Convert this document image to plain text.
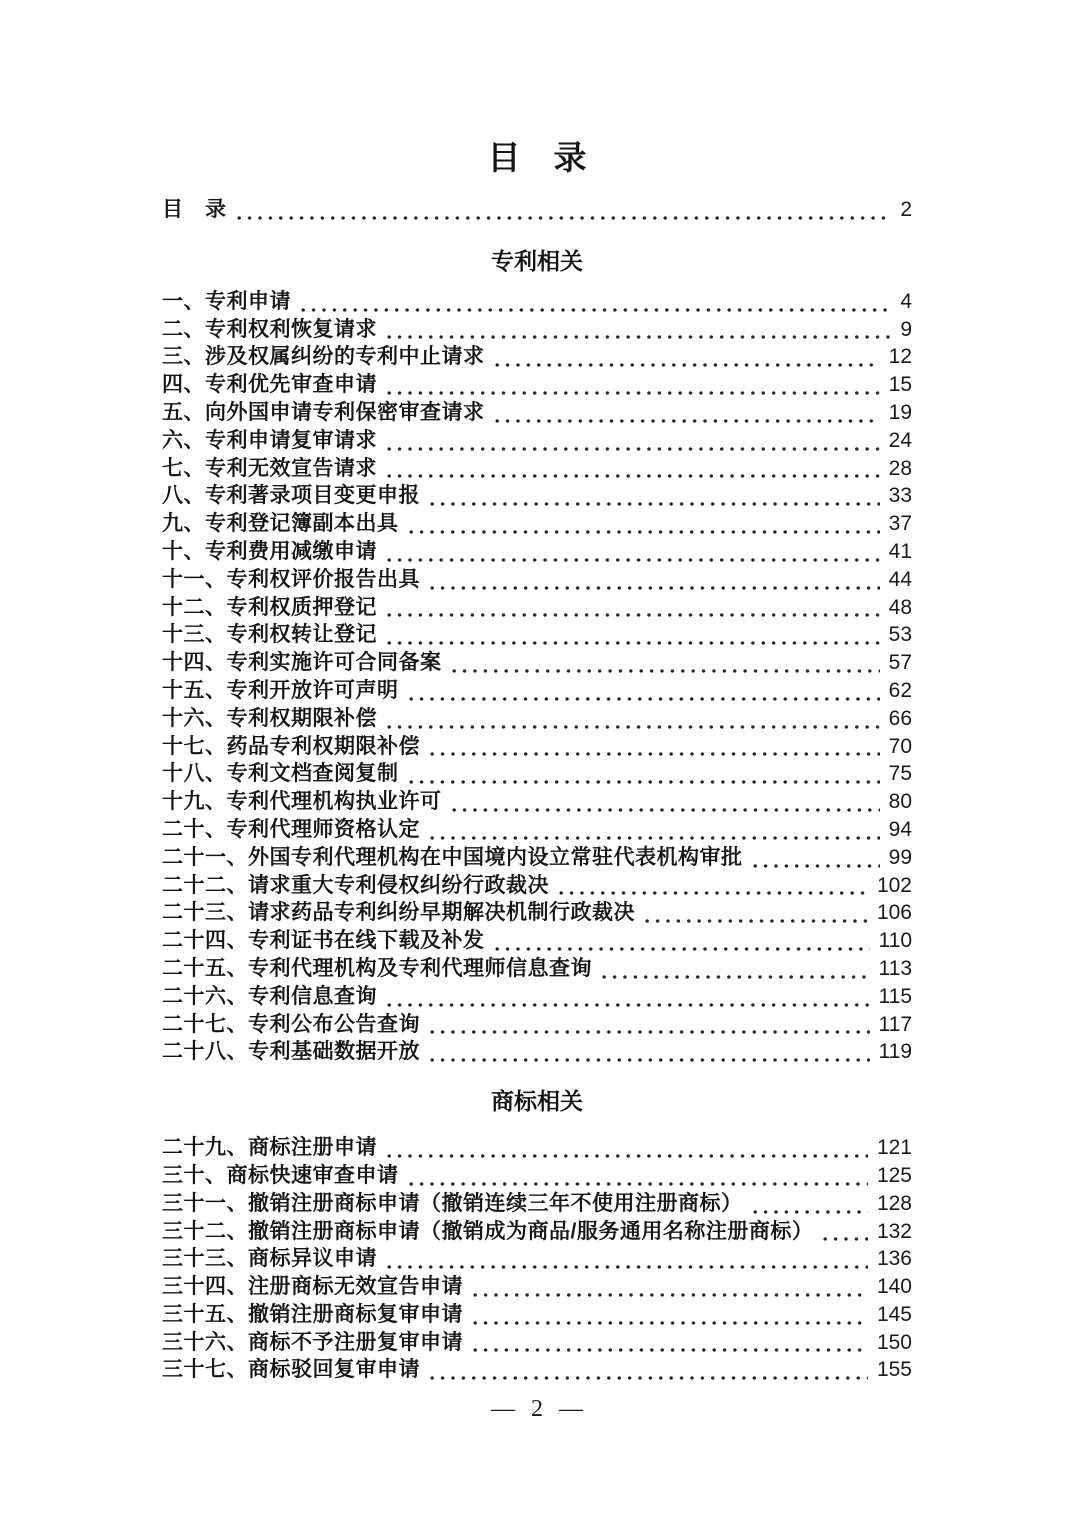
目　录
目　录	2
专利相关
一、专利申请	4
二、专利权利恢复请求	9
三、涉及权属纠纷的专利中止请求	12
四、专利优先审查申请	15
五、向外国申请专利保密审查请求	19
六、专利申请复审请求	24
七、专利无效宣告请求	28
八、专利著录项目变更申报	33
九、专利登记簿副本出具	37
十、专利费用减缴申请	41
十一、专利权评价报告出具	44
十二、专利权质押登记	48
十三、专利权转让登记	53
十四、专利实施许可合同备案	57
十五、专利开放许可声明	62
十六、专利权期限补偿	66
十七、药品专利权期限补偿	70
十八、专利文档查阅复制	75
十九、专利代理机构执业许可	80
二十、专利代理师资格认定	94
二十一、外国专利代理机构在中国境内设立常驻代表机构审批	99
二十二、请求重大专利侵权纠纷行政裁决	102
二十三、请求药品专利纠纷早期解决机制行政裁决	106
二十四、专利证书在线下载及补发	110
二十五、专利代理机构及专利代理师信息查询	113
二十六、专利信息查询	115
二十七、专利公布公告查询	117
二十八、专利基础数据开放	119
商标相关
二十九、商标注册申请	121
三十、商标快速审查申请	125
三十一、撤销注册商标申请（撤销连续三年不使用注册商标）	128
三十二、撤销注册商标申请（撤销成为商品/服务通用名称注册商标）	132
三十三、商标异议申请	136
三十四、注册商标无效宣告申请	140
三十五、撤销注册商标复审申请	145
三十六、商标不予注册复审申请	150
三十七、商标驳回复审申请	155
— 2 —
